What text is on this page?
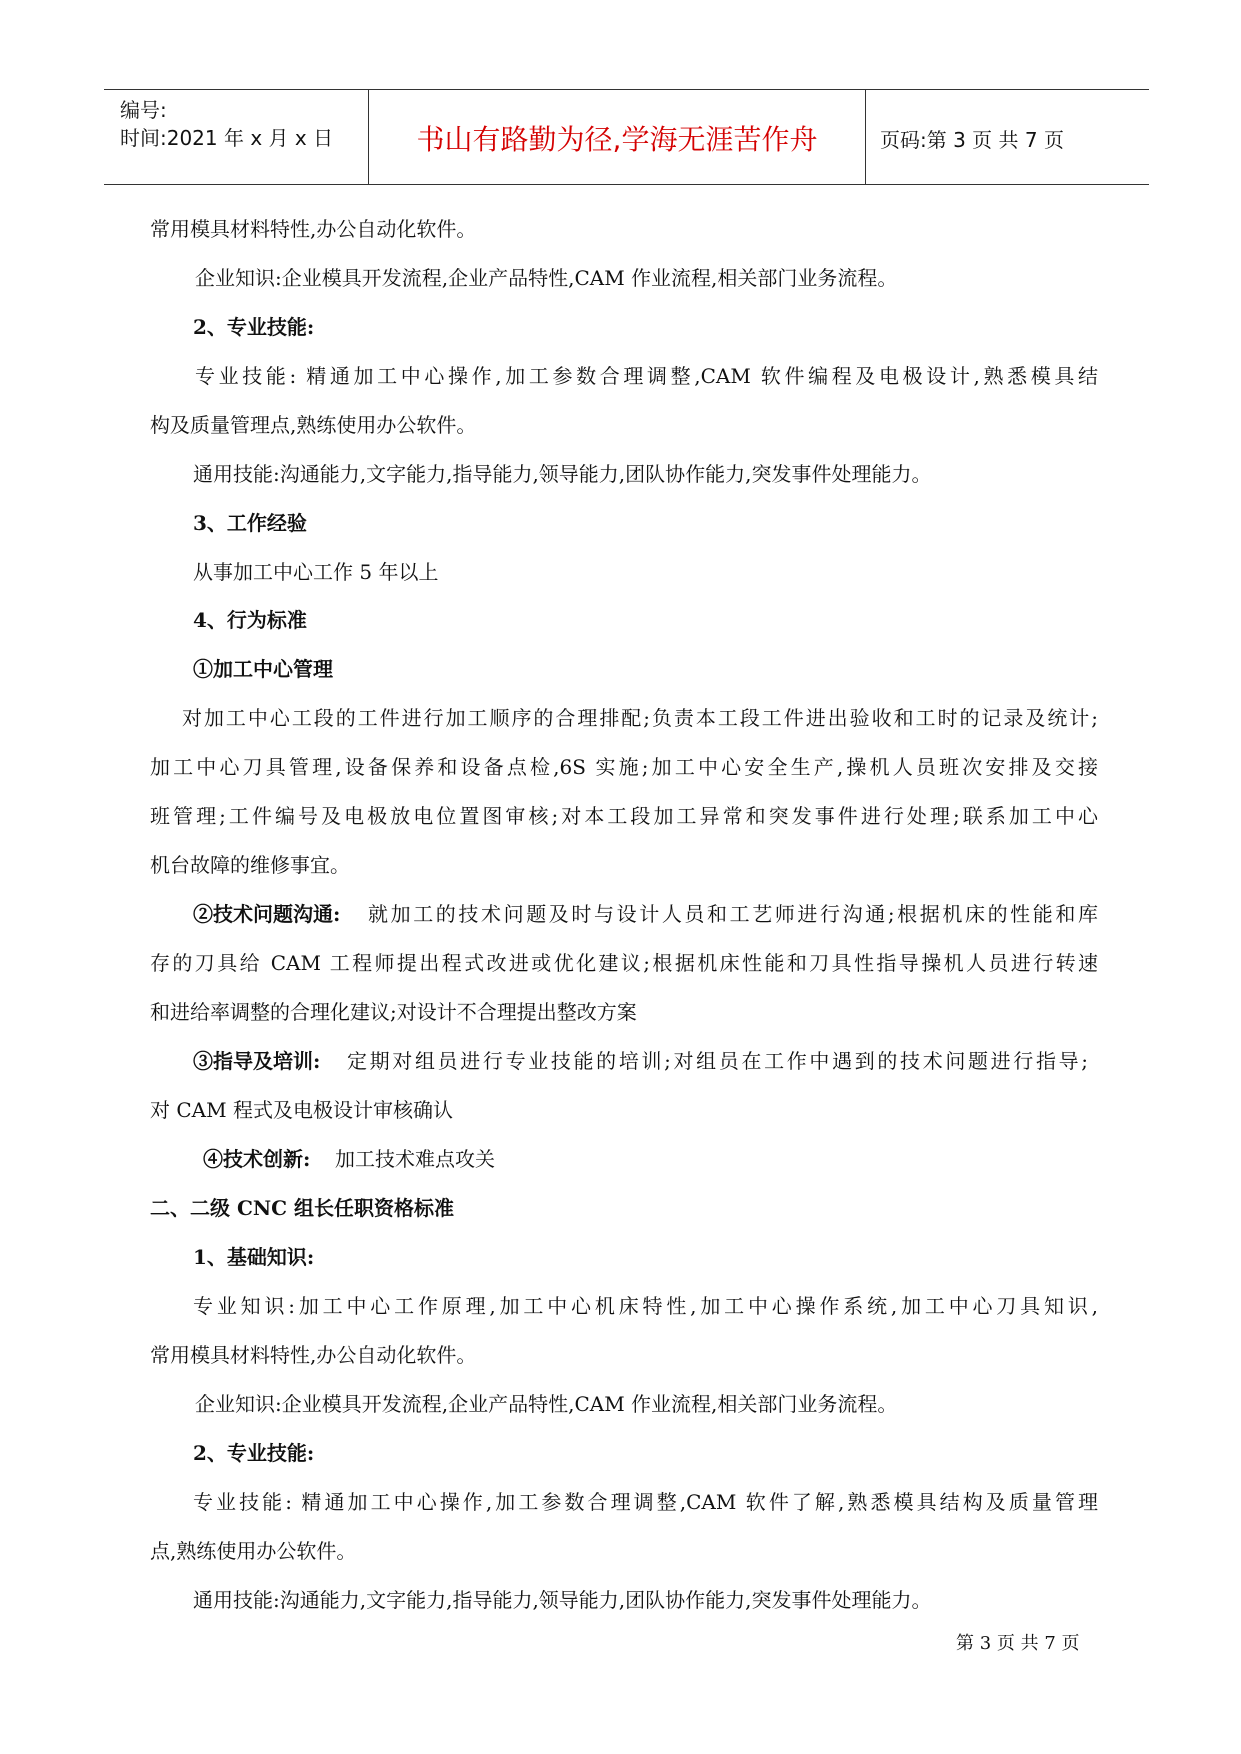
编号:
时间:2021 年 x 月 x 日	书山有路勤为径,学海无涯苦作舟	页码:第 3 页 共 7 页
常用模具材料特性,办公自动化软件。
企业知识:企业模具开发流程,企业产品特性,CAM 作业流程,相关部门业务流程。
2、专业技能:
专业技能: 精通加工中心操作,加工参数合理调整,CAM 软件编程及电极设计,熟悉模具结
构及质量管理点,熟练使用办公软件。
通用技能:沟通能力,文字能力,指导能力,领导能力,团队协作能力,突发事件处理能力。
3、工作经验
从事加工中心工作 5 年以上
4、行为标准
①加工中心管理
对加工中心工段的工件进行加工顺序的合理排配;负责本工段工件进出验收和工时的记录及统计;
加工中心刀具管理,设备保养和设备点检,6S 实施;加工中心安全生产,操机人员班次安排及交接
班管理;工件编号及电极放电位置图审核;对本工段加工异常和突发事件进行处理;联系加工中心
机台故障的维修事宜。
②技术问题沟通: 就加工的技术问题及时与设计人员和工艺师进行沟通;根据机床的性能和库
存的刀具给 CAM 工程师提出程式改进或优化建议;根据机床性能和刀具性指导操机人员进行转速
和进给率调整的合理化建议;对设计不合理提出整改方案
③指导及培训: 定期对组员进行专业技能的培训;对组员在工作中遇到的技术问题进行指导;
对 CAM 程式及电极设计审核确认
④技术创新: 加工技术难点攻关
二、二级 CNC 组长任职资格标准
1、基础知识:
专业知识:加工中心工作原理,加工中心机床特性,加工中心操作系统,加工中心刀具知识,
常用模具材料特性,办公自动化软件。
企业知识:企业模具开发流程,企业产品特性,CAM 作业流程,相关部门业务流程。
2、专业技能:
专业技能: 精通加工中心操作,加工参数合理调整,CAM 软件了解,熟悉模具结构及质量管理
点,熟练使用办公软件。
通用技能:沟通能力,文字能力,指导能力,领导能力,团队协作能力,突发事件处理能力。
第 3 页 共 7 页
